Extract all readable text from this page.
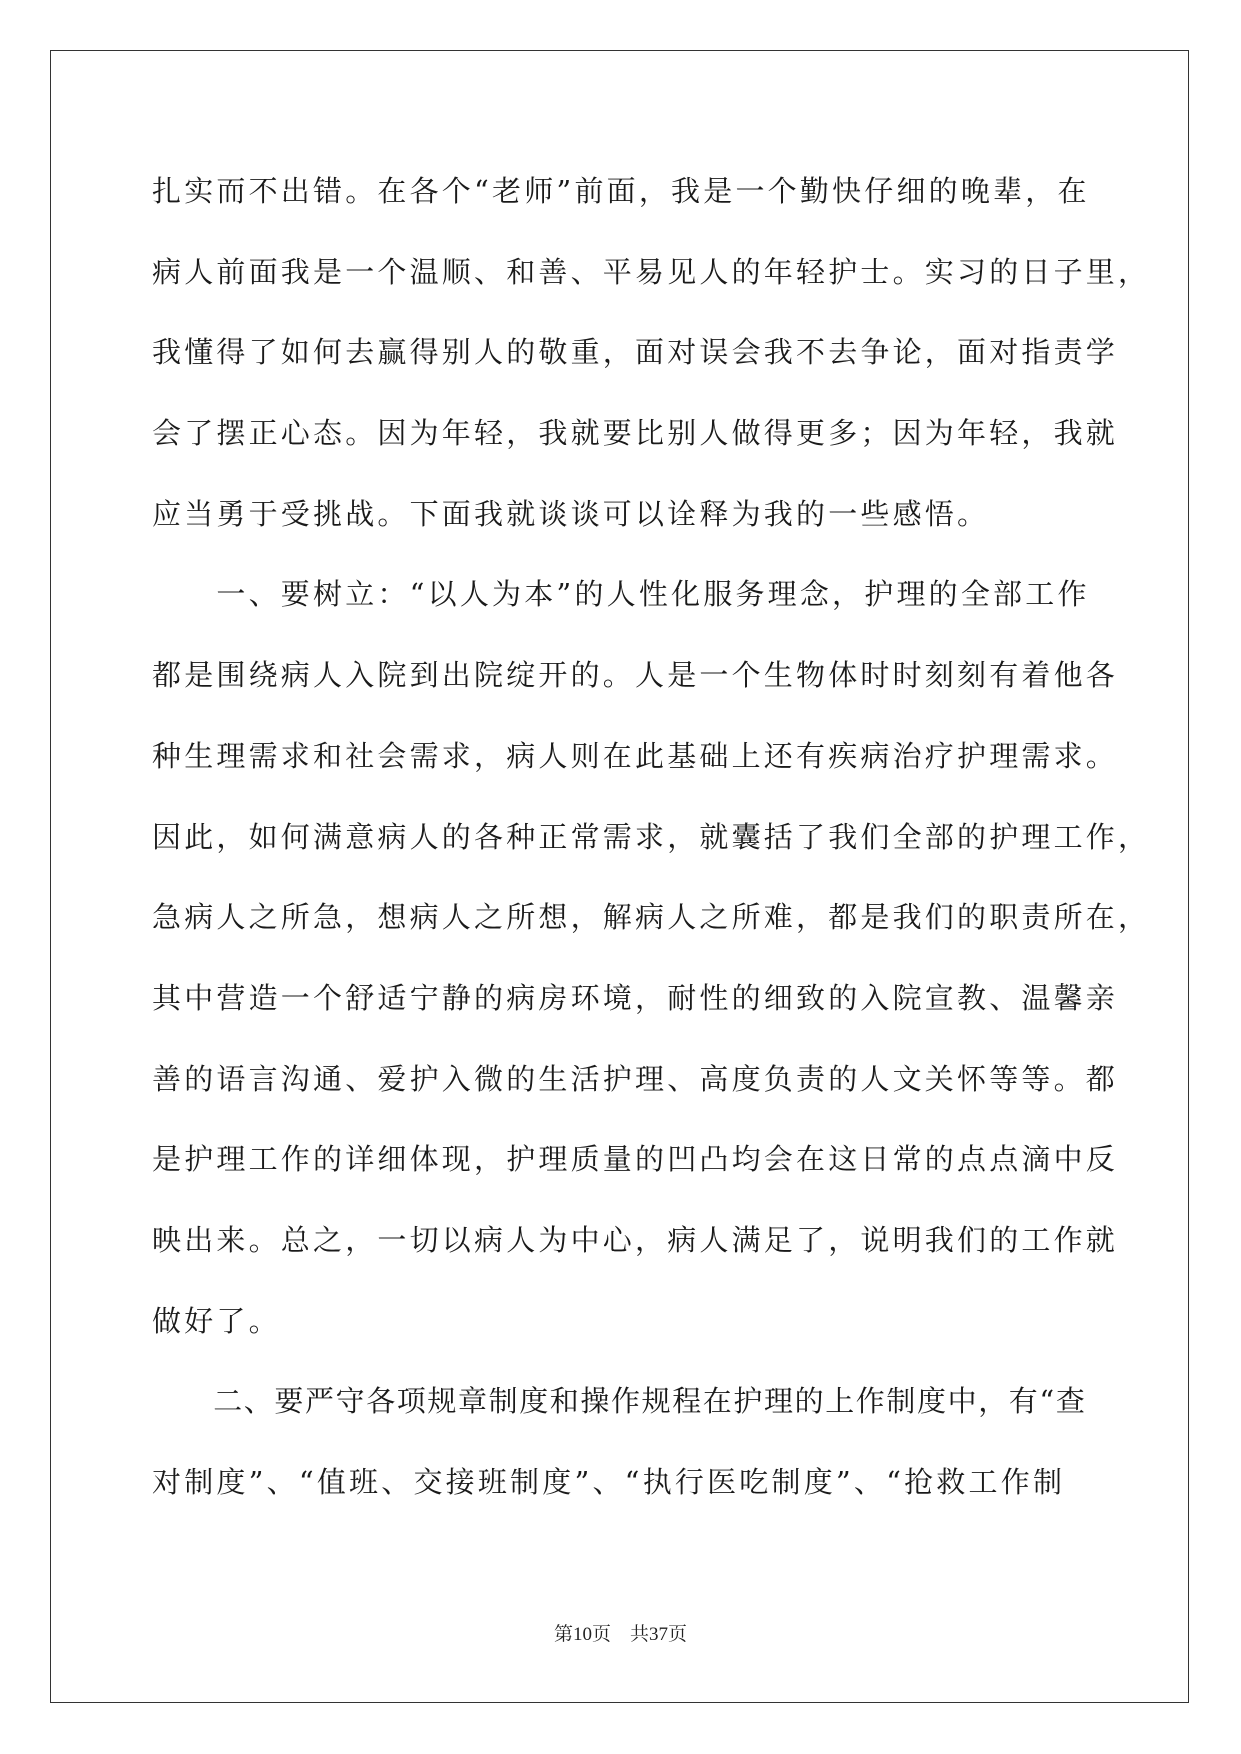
扎实而不出错。在各个“老师”前面，我是一个勤快仔细的晚辈，在
病人前面我是一个温顺、和善、平易见人的年轻护士。实习的日子里，
我懂得了如何去赢得别人的敬重，面对误会我不去争论，面对指责学
会了摆正心态。因为年轻，我就要比别人做得更多；因为年轻，我就
应当勇于受挑战。下面我就谈谈可以诠释为我的一些感悟。
　　一、要树立：“以人为本”的人性化服务理念，护理的全部工作
都是围绕病人入院到出院绽开的。人是一个生物体时时刻刻有着他各
种生理需求和社会需求，病人则在此基础上还有疾病治疗护理需求。
因此，如何满意病人的各种正常需求，就囊括了我们全部的护理工作，
急病人之所急，想病人之所想，解病人之所难，都是我们的职责所在，
其中营造一个舒适宁静的病房环境，耐性的细致的入院宣教、温馨亲
善的语言沟通、爱护入微的生活护理、高度负责的人文关怀等等。都
是护理工作的详细体现，护理质量的凹凸均会在这日常的点点滴中反
映出来。总之，一切以病人为中心，病人满足了，说明我们的工作就
做好了。
　　二、要严守各项规章制度和操作规程在护理的上作制度中，有“查
对制度”、“值班、交接班制度”、“执行医吃制度”、“抢救工作制
第10页　共37页
